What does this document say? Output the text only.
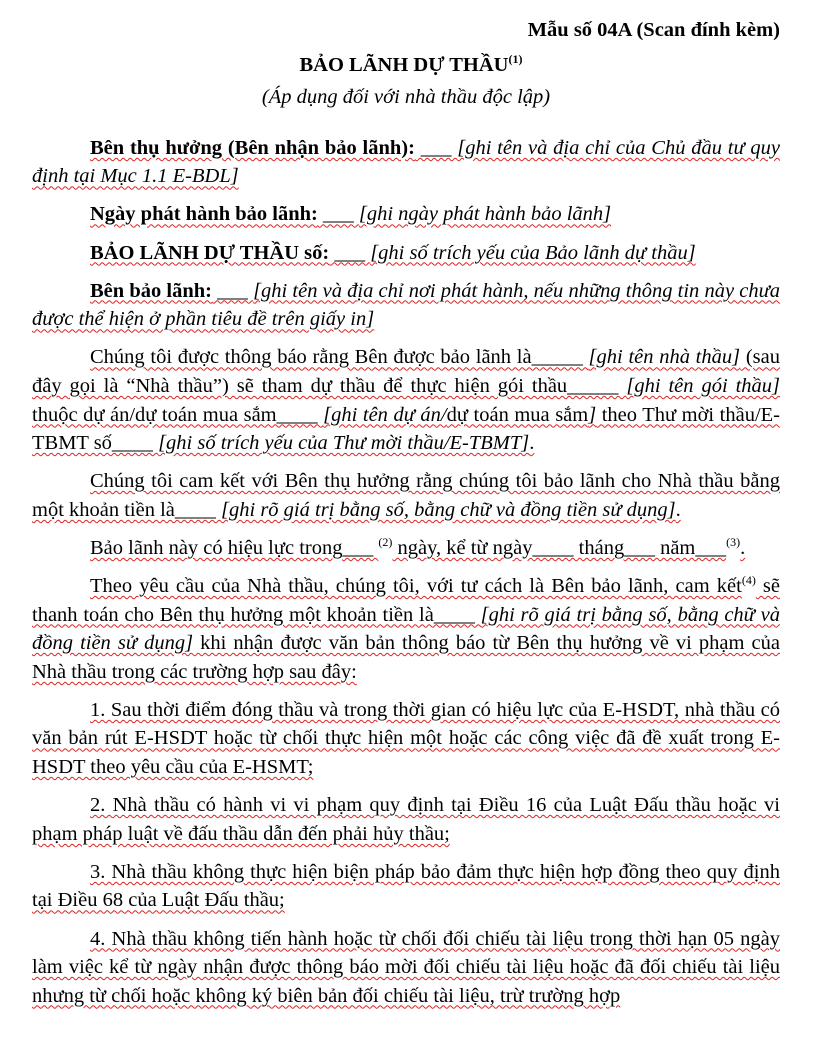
Mẫu số 04A (Scan đính kèm)

BẢO LÃNH DỰ THẦU$^{(1)}$

(Áp dụng đối với nhà thầu độc lập)

Bên thụ hưởng (Bên nhận bảo lãnh): ___ [ghi tên và địa chỉ của Chủ đầu tư quy định tại Mục 1.1 E-BDL]

Ngày phát hành bảo lãnh: ___ [ghi ngày phát hành bảo lãnh]

BẢO LÃNH DỰ THẦU số: ___ [ghi số trích yếu của Bảo lãnh dự thầu]

Bên bảo lãnh: ___ [ghi tên và địa chỉ nơi phát hành, nếu những thông tin này chưa được thể hiện ở phần tiêu đề trên giấy in]

Chúng tôi được thông báo rằng Bên được bảo lãnh là_____ [ghi tên nhà thầu] (sau đây gọi là “Nhà thầu”) sẽ tham dự thầu để thực hiện gói thầu_____ [ghi tên gói thầu] thuộc dự án/dự toán mua sắm____ [ghi tên dự án/dự toán mua sắm] theo Thư mời thầu/E-TBMT số____ [ghi số trích yếu của Thư mời thầu/E-TBMT].

Chúng tôi cam kết với Bên thụ hưởng rằng chúng tôi bảo lãnh cho Nhà thầu bằng một khoản tiền là____ [ghi rõ giá trị bằng số, bằng chữ và đồng tiền sử dụng].

Bảo lãnh này có hiệu lực trong___ $^{(2)}$ ngày, kể từ ngày____ tháng___ năm___$^{(3)}$.

Theo yêu cầu của Nhà thầu, chúng tôi, với tư cách là Bên bảo lãnh, cam kết$^{(4)}$ sẽ thanh toán cho Bên thụ hưởng một khoản tiền là____ [ghi rõ giá trị bằng số, bằng chữ và đồng tiền sử dụng] khi nhận được văn bản thông báo từ Bên thụ hưởng về vi phạm của Nhà thầu trong các trường hợp sau đây:

1. Sau thời điểm đóng thầu và trong thời gian có hiệu lực của E-HSDT, nhà thầu có văn bản rút E-HSDT hoặc từ chối thực hiện một hoặc các công việc đã đề xuất trong E-HSDT theo yêu cầu của E-HSMT;

2. Nhà thầu có hành vi vi phạm quy định tại Điều 16 của Luật Đấu thầu hoặc vi phạm pháp luật về đấu thầu dẫn đến phải hủy thầu;

3. Nhà thầu không thực hiện biện pháp bảo đảm thực hiện hợp đồng theo quy định tại Điều 68 của Luật Đấu thầu;

4. Nhà thầu không tiến hành hoặc từ chối đối chiếu tài liệu trong thời hạn 05 ngày làm việc kể từ ngày nhận được thông báo mời đối chiếu tài liệu hoặc đã đối chiếu tài liệu nhưng từ chối hoặc không ký biên bản đối chiếu tài liệu, trừ trường hợp
